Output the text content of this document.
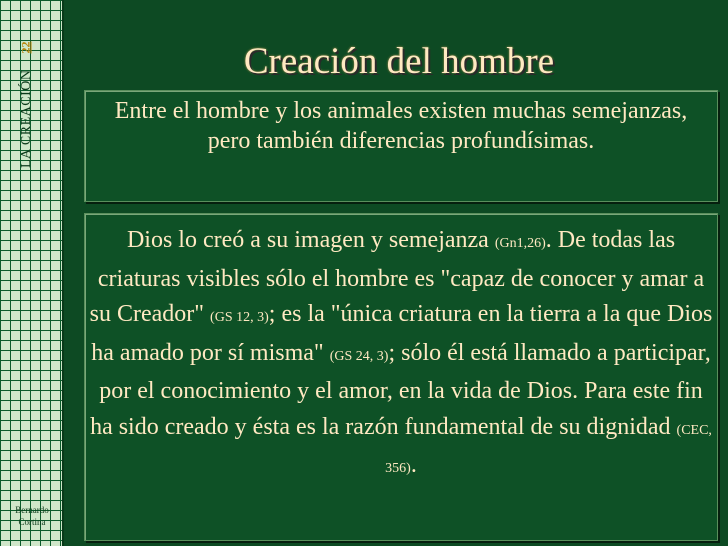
LA CREACIÓN
22
Bernardo Cortina
Creación del hombre
Entre el hombre y los animales existen muchas semejanzas, pero también diferencias profundísimas.
Dios lo creó a su imagen y semejanza (Gn1,26). De todas las criaturas visibles sólo el hombre es "capaz de conocer y amar a su Creador" (GS 12, 3); es la "única criatura en la tierra a la que Dios ha amado por sí misma" (GS 24, 3); sólo él está llamado a participar, por el conocimiento y el amor, en la vida de Dios. Para este fin ha sido creado y ésta es la razón fundamental de su dignidad (CEC, 356).
